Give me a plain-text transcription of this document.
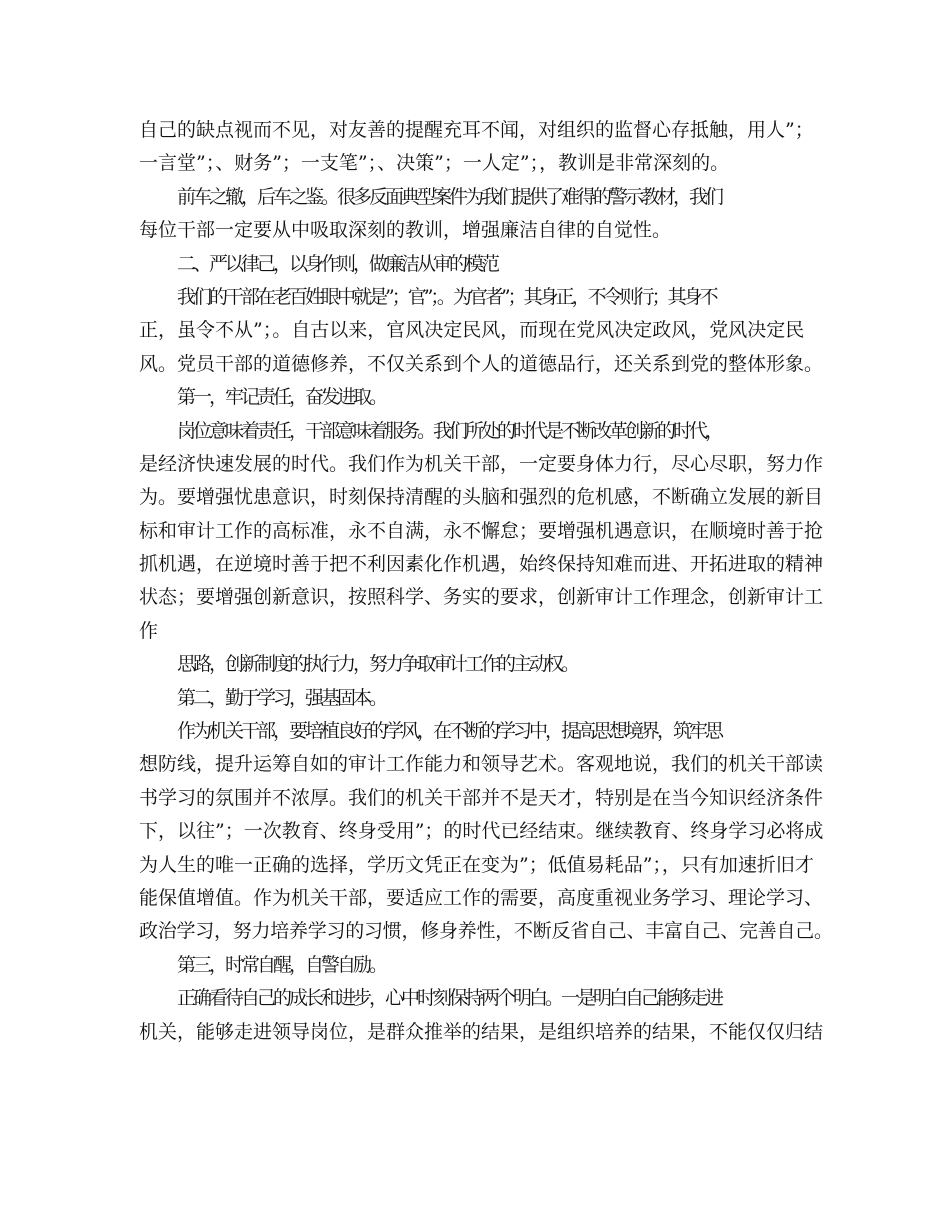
自己的缺点视而不见，对友善的提醒充耳不闻，对组织的监督心存抵触，用人”；
一言堂”；、财务”；一支笔”；、决策”；一人定”；，教训是非常深刻的。
前车之辙，后车之鉴。很多反面典型案件为我们提供了难得的警示教材，我们
每位干部一定要从中吸取深刻的教训，增强廉洁自律的自觉性。
二、严以律己，以身作则，做廉洁从审的模范
我们的干部在老百姓眼中就是”；官”；。为官者”；其身正，不令则行；其身不
正，虽令不从”；。自古以来，官风决定民风，而现在党风决定政风，党风决定民
风。党员干部的道德修养，不仅关系到个人的道德品行，还关系到党的整体形象。
第一，牢记责任，奋发进取。
岗位意味着责任，干部意味着服务。我们所处的时代是不断改革创新的时代，
是经济快速发展的时代。我们作为机关干部，一定要身体力行，尽心尽职，努力作
为。要增强忧患意识，时刻保持清醒的头脑和强烈的危机感，不断确立发展的新目
标和审计工作的高标准，永不自满，永不懈怠；要增强机遇意识，在顺境时善于抢
抓机遇，在逆境时善于把不利因素化作机遇，始终保持知难而进、开拓进取的精神
状态；要增强创新意识，按照科学、务实的要求，创新审计工作理念，创新审计工
作
思路，创新制度的执行力，努力争取审计工作的主动权。
第二，勤于学习，强基固本。
作为机关干部，要培植良好的学风，在不断的学习中，提高思想境界，筑牢思
想防线，提升运筹自如的审计工作能力和领导艺术。客观地说，我们的机关干部读
书学习的氛围并不浓厚。我们的机关干部并不是天才，特别是在当今知识经济条件
下，以往”；一次教育、终身受用”；的时代已经结束。继续教育、终身学习必将成
为人生的唯一正确的选择，学历文凭正在变为”；低值易耗品”；，只有加速折旧才
能保值增值。作为机关干部，要适应工作的需要，高度重视业务学习、理论学习、
政治学习，努力培养学习的习惯，修身养性，不断反省自己、丰富自己、完善自己。
第三，时常自醒，自警自励。
正确看待自己的成长和进步，心中时刻保持两个明白。一是明白自己能够走进
机关，能够走进领导岗位，是群众推举的结果，是组织培养的结果，不能仅仅归结
